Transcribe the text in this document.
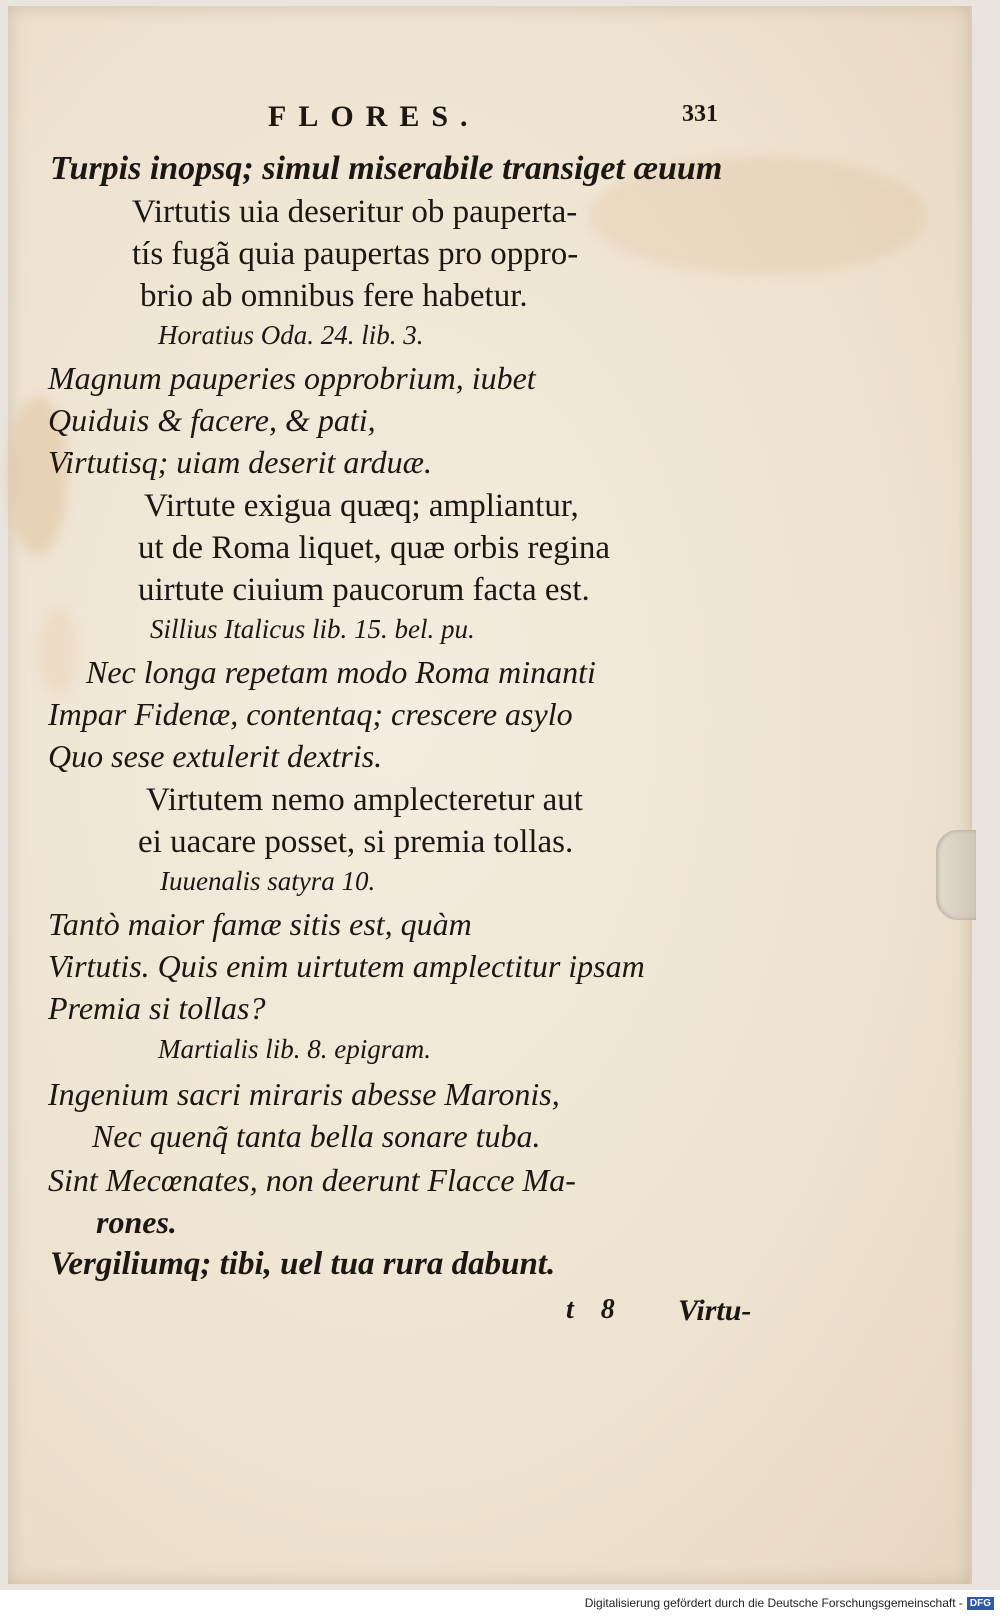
FLORES.	331
Turpis inopsq; simul miserabile transiget æuum
Virtutis uia deseritur ob pauperta-
tís fugã quia paupertas pro oppro-
brio ab omnibus fere habetur.
Horatius Oda. 24. lib. 3.
Magnum pauperies opprobrium, iubet
Quiduis & facere, & pati,
Virtutisq; uiam deserit arduæ.
Virtute exigua quæq; ampliantur,
ut de Roma liquet, quæ orbis regina
uirtute ciuium paucorum facta est.
Sillius Italicus lib. 15. bel. pu.
Nec longa repetam modo Roma minanti
Impar Fidenæ, contentaq; crescere asylo
Quo sese extulerit dextris.
Virtutem nemo amplecteretur aut
ei uacare posset, si premia tollas.
Iuuenalis satyra 10.
Tantò maior famæ sitis est, quàm
Virtutis. Quis enim uirtutem amplectitur ipsam
Premia si tollas?
Martialis lib. 8. epigram.
Ingenium sacri miraris abesse Maronis,
Nec quenq̃ tanta bella sonare tuba.
Sint Mecœnates, non deerunt Flacce Ma-
rones.
Vergiliumq; tibi, uel tua rura dabunt.
t 8 Virtu-
Digitalisierung gefördert durch die Deutsche Forschungsgemeinschaft - DFG
